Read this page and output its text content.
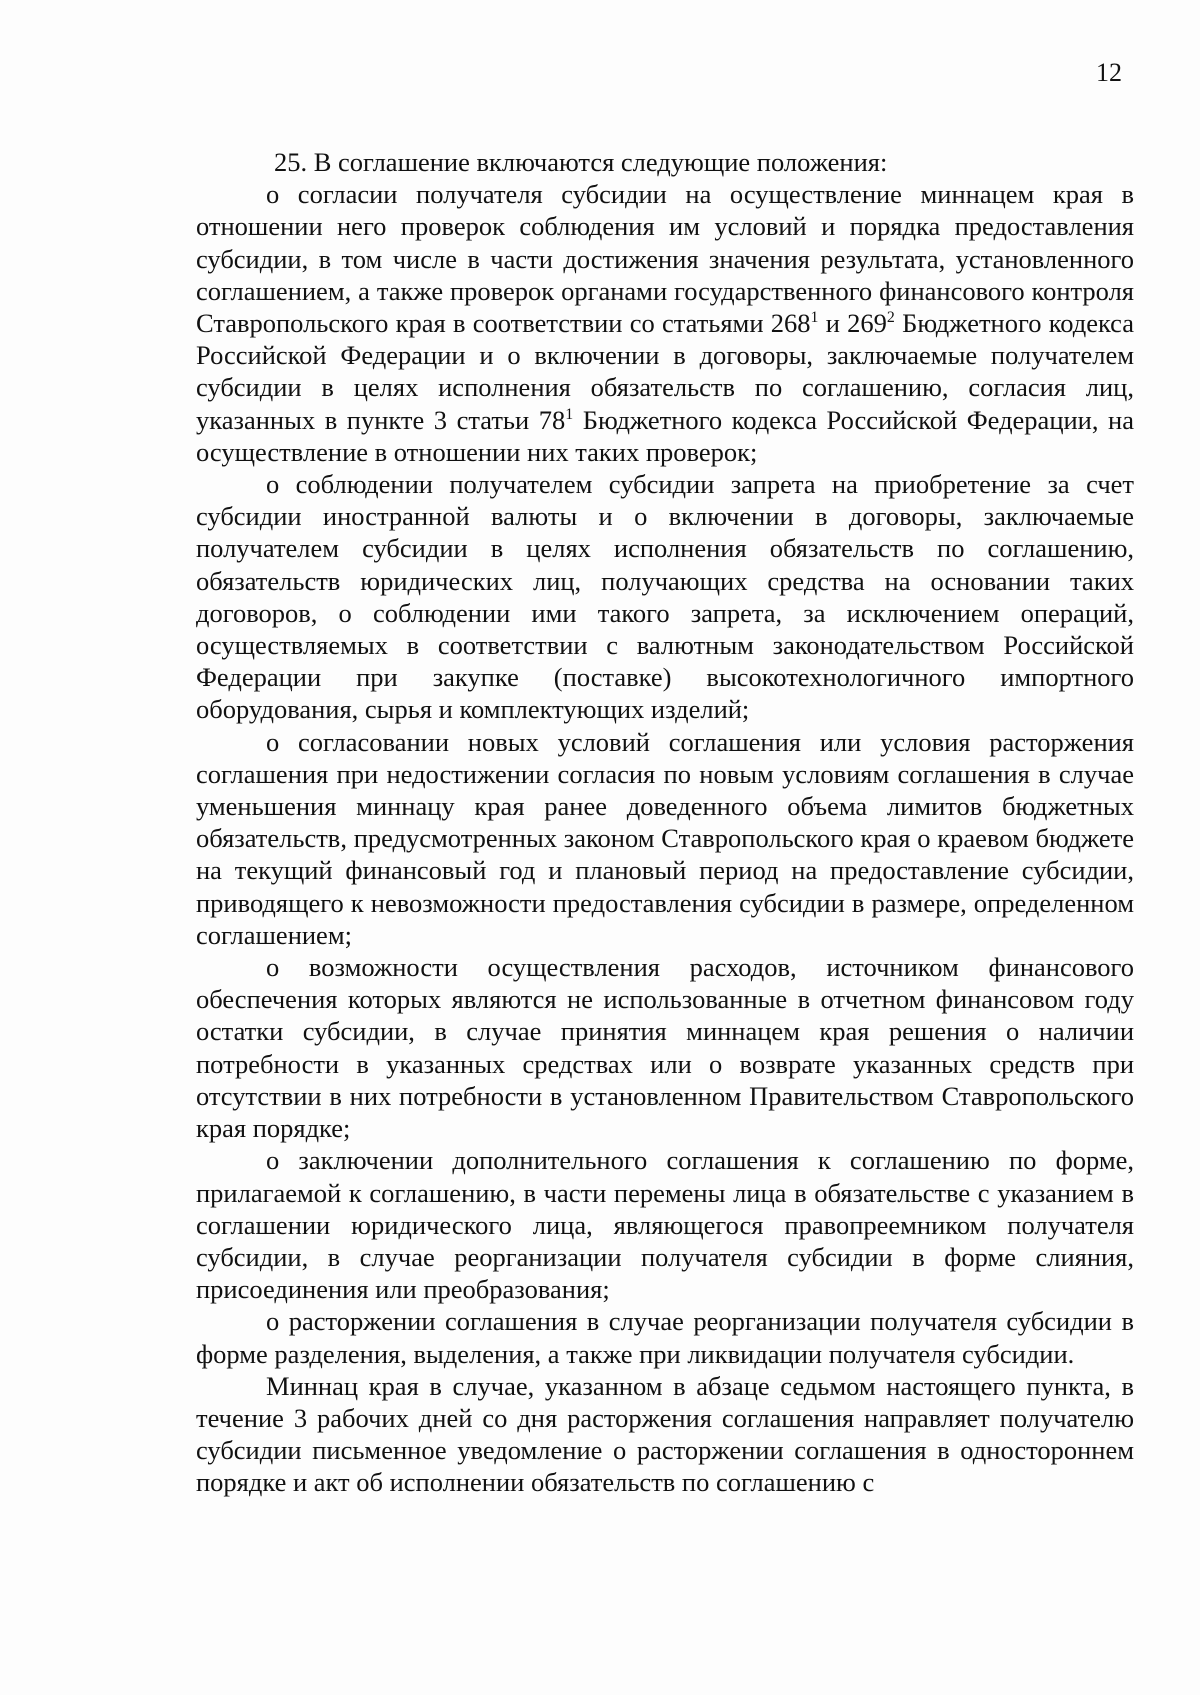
12

25. В соглашение включаются следующие положения:

о согласии получателя субсидии на осуществление миннацем края в отношении него проверок соблюдения им условий и порядка предоставления субсидии, в том числе в части достижения значения результата, установленного соглашением, а также проверок органами государственного финансового контроля Ставропольского края в соответствии со статьями $268^1$ и $269^2$ Бюджетного кодекса Российской Федерации и о включении в договоры, заключаемые получателем субсидии в целях исполнения обязательств по соглашению, согласия лиц, указанных в пункте 3 статьи $78^1$ Бюджетного кодекса Российской Федерации, на осуществление в отношении них таких проверок;

о соблюдении получателем субсидии запрета на приобретение за счет субсидии иностранной валюты и о включении в договоры, заключаемые получателем субсидии в целях исполнения обязательств по соглашению, обязательств юридических лиц, получающих средства на основании таких договоров, о соблюдении ими такого запрета, за исключением операций, осуществляемых в соответствии с валютным законодательством Российской Федерации при закупке (поставке) высокотехнологичного импортного оборудования, сырья и комплектующих изделий;

о согласовании новых условий соглашения или условия расторжения соглашения при недостижении согласия по новым условиям соглашения в случае уменьшения миннацу края ранее доведенного объема лимитов бюджетных обязательств, предусмотренных законом Ставропольского края о краевом бюджете на текущий финансовый год и плановый период на предоставление субсидии, приводящего к невозможности предоставления субсидии в размере, определенном соглашением;

о возможности осуществления расходов, источником финансового обеспечения которых являются не использованные в отчетном финансовом году остатки субсидии, в случае принятия миннацем края решения о наличии потребности в указанных средствах или о возврате указанных средств при отсутствии в них потребности в установленном Правительством Ставропольского края порядке;

о заключении дополнительного соглашения к соглашению по форме, прилагаемой к соглашению, в части перемены лица в обязательстве с указанием в соглашении юридического лица, являющегося правопреемником получателя субсидии, в случае реорганизации получателя субсидии в форме слияния, присоединения или преобразования;

о расторжении соглашения в случае реорганизации получателя субсидии в форме разделения, выделения, а также при ликвидации получателя субсидии.

Миннац края в случае, указанном в абзаце седьмом настоящего пункта, в течение 3 рабочих дней со дня расторжения соглашения направляет получателю субсидии письменное уведомление о расторжении соглашения в одностороннем порядке и акт об исполнении обязательств по соглашению с
